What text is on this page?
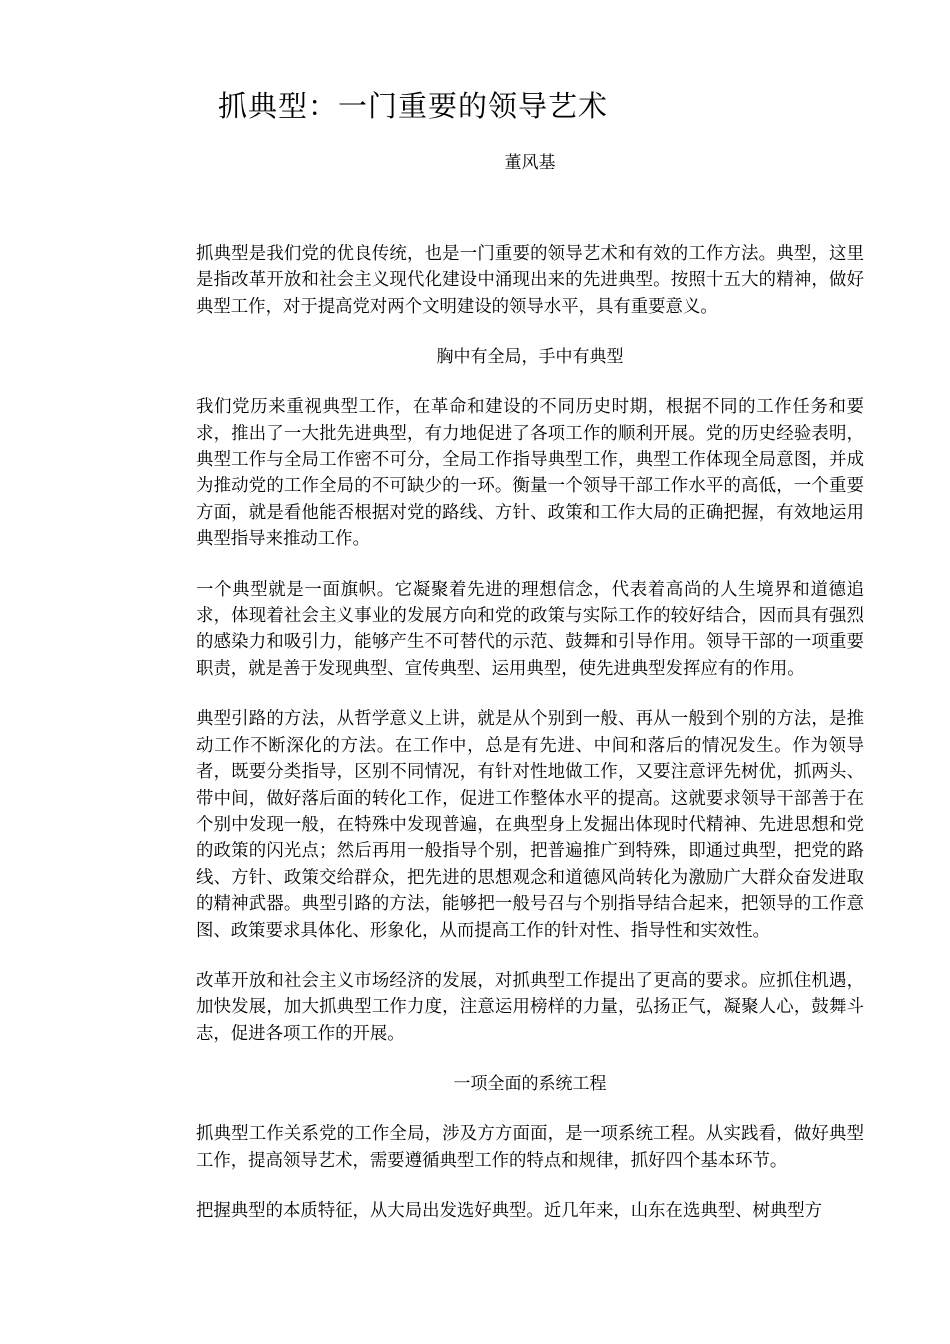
抓典型：一门重要的领导艺术
董风基

抓典型是我们党的优良传统，也是一门重要的领导艺术和有效的工作方法。典型，这里是指改革开放和社会主义现代化建设中涌现出来的先进典型。按照十五大的精神，做好典型工作，对于提高党对两个文明建设的领导水平，具有重要意义。

胸中有全局，手中有典型

我们党历来重视典型工作，在革命和建设的不同历史时期，根据不同的工作任务和要求，推出了一大批先进典型，有力地促进了各项工作的顺利开展。党的历史经验表明，典型工作与全局工作密不可分，全局工作指导典型工作，典型工作体现全局意图，并成为推动党的工作全局的不可缺少的一环。衡量一个领导干部工作水平的高低，一个重要方面，就是看他能否根据对党的路线、方针、政策和工作大局的正确把握，有效地运用典型指导来推动工作。

一个典型就是一面旗帜。它凝聚着先进的理想信念，代表着高尚的人生境界和道德追求，体现着社会主义事业的发展方向和党的政策与实际工作的较好结合，因而具有强烈的感染力和吸引力，能够产生不可替代的示范、鼓舞和引导作用。领导干部的一项重要职责，就是善于发现典型、宣传典型、运用典型，使先进典型发挥应有的作用。

典型引路的方法，从哲学意义上讲，就是从个别到一般、再从一般到个别的方法，是推动工作不断深化的方法。在工作中，总是有先进、中间和落后的情况发生。作为领导者，既要分类指导，区别不同情况，有针对性地做工作，又要注意评先树优，抓两头、带中间，做好落后面的转化工作，促进工作整体水平的提高。这就要求领导干部善于在个别中发现一般，在特殊中发现普遍，在典型身上发掘出体现时代精神、先进思想和党的政策的闪光点；然后再用一般指导个别，把普遍推广到特殊，即通过典型，把党的路线、方针、政策交给群众，把先进的思想观念和道德风尚转化为激励广大群众奋发进取的精神武器。典型引路的方法，能够把一般号召与个别指导结合起来，把领导的工作意图、政策要求具体化、形象化，从而提高工作的针对性、指导性和实效性。

改革开放和社会主义市场经济的发展，对抓典型工作提出了更高的要求。应抓住机遇，加快发展，加大抓典型工作力度，注意运用榜样的力量，弘扬正气，凝聚人心，鼓舞斗志，促进各项工作的开展。

一项全面的系统工程

抓典型工作关系党的工作全局，涉及方方面面，是一项系统工程。从实践看，做好典型工作，提高领导艺术，需要遵循典型工作的特点和规律，抓好四个基本环节。

把握典型的本质特征，从大局出发选好典型。近几年来，山东在选典型、树典型方
